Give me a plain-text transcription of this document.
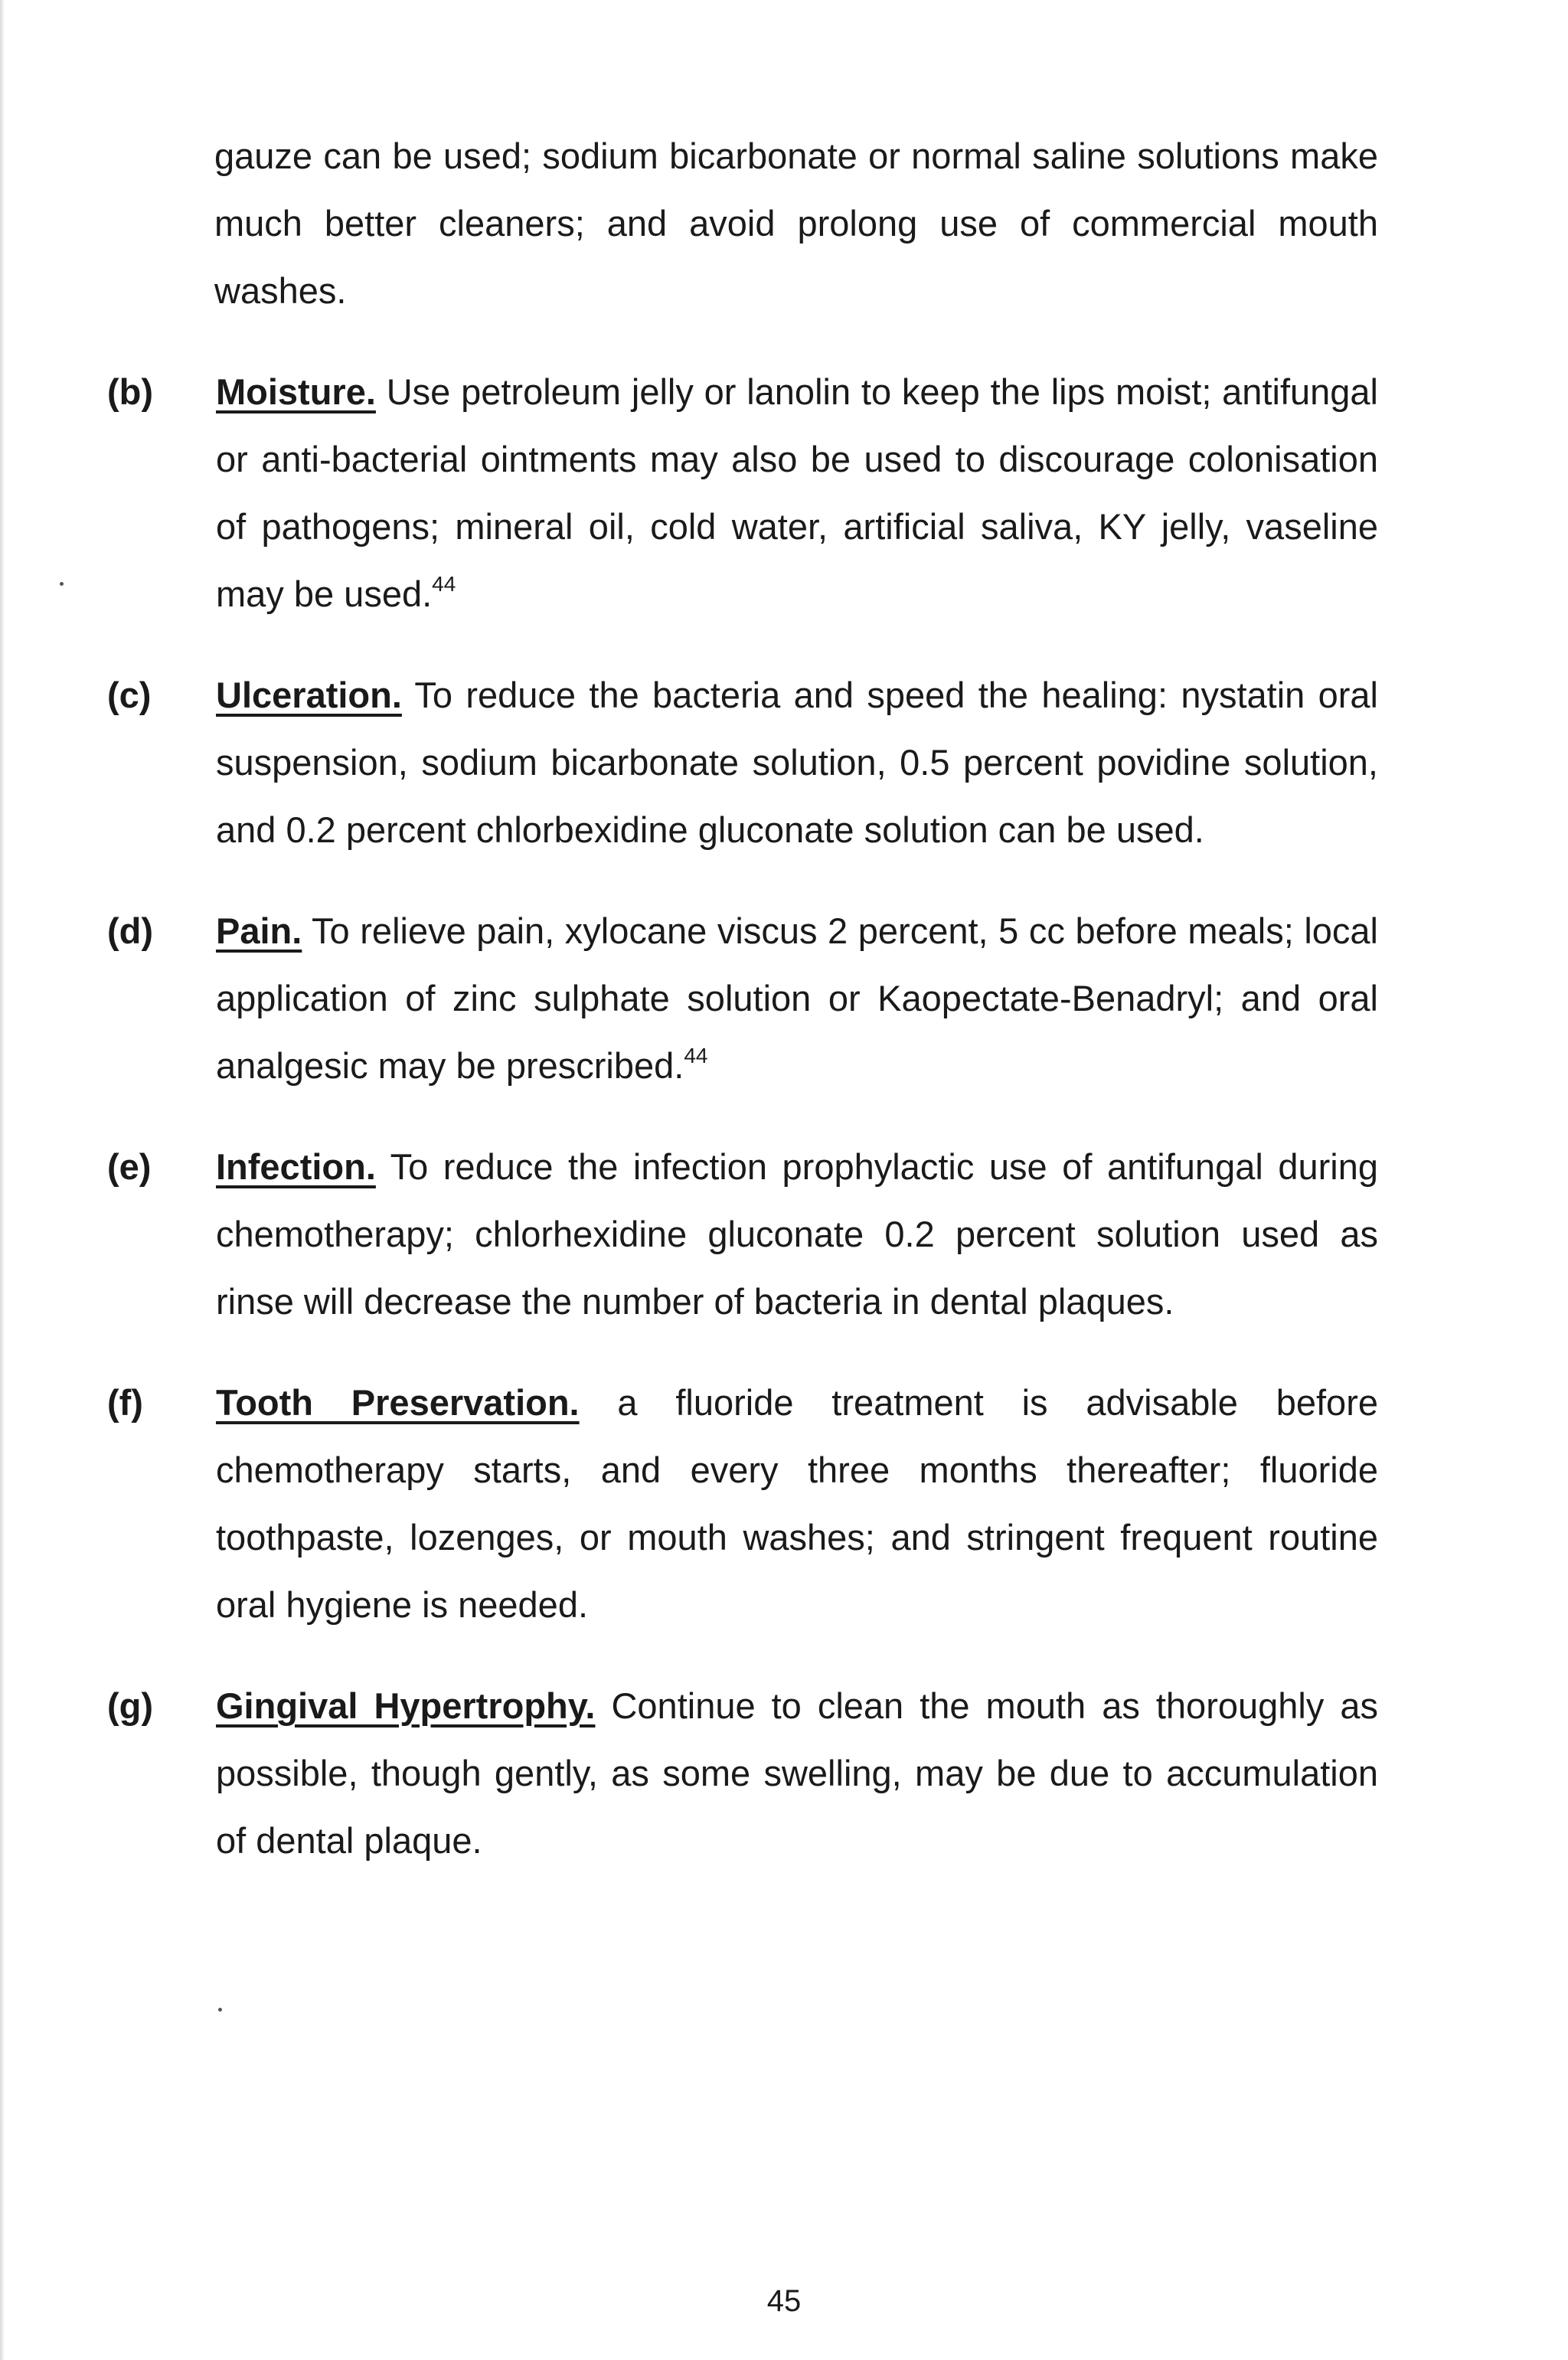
gauze can be used; sodium bicarbonate or normal saline solutions make much better cleaners; and avoid prolong use of commercial mouth washes.

(b) Moisture. Use petroleum jelly or lanolin to keep the lips moist; antifungal or anti-bacterial ointments may also be used to discourage colonisation of pathogens; mineral oil, cold water, artificial saliva, KY jelly, vaseline may be used.$^{44}$

(c) Ulceration. To reduce the bacteria and speed the healing: nystatin oral suspension, sodium bicarbonate solution, 0.5 percent povidine solution, and 0.2 percent chlorbexidine gluconate solution can be used.

(d) Pain. To relieve pain, xylocane viscus 2 percent, 5 cc before meals; local application of zinc sulphate solution or Kaopectate-Benadryl; and oral analgesic may be prescribed.$^{44}$

(e) Infection. To reduce the infection prophylactic use of antifungal during chemotherapy; chlorhexidine gluconate 0.2 percent solution used as rinse will decrease the number of bacteria in dental plaques.

(f) Tooth Preservation. a fluoride treatment is advisable before chemotherapy starts, and every three months thereafter; fluoride toothpaste, lozenges, or mouth washes; and stringent frequent routine oral hygiene is needed.

(g) Gingival Hypertrophy. Continue to clean the mouth as thoroughly as possible, though gently, as some swelling, may be due to accumulation of dental plaque.

45
